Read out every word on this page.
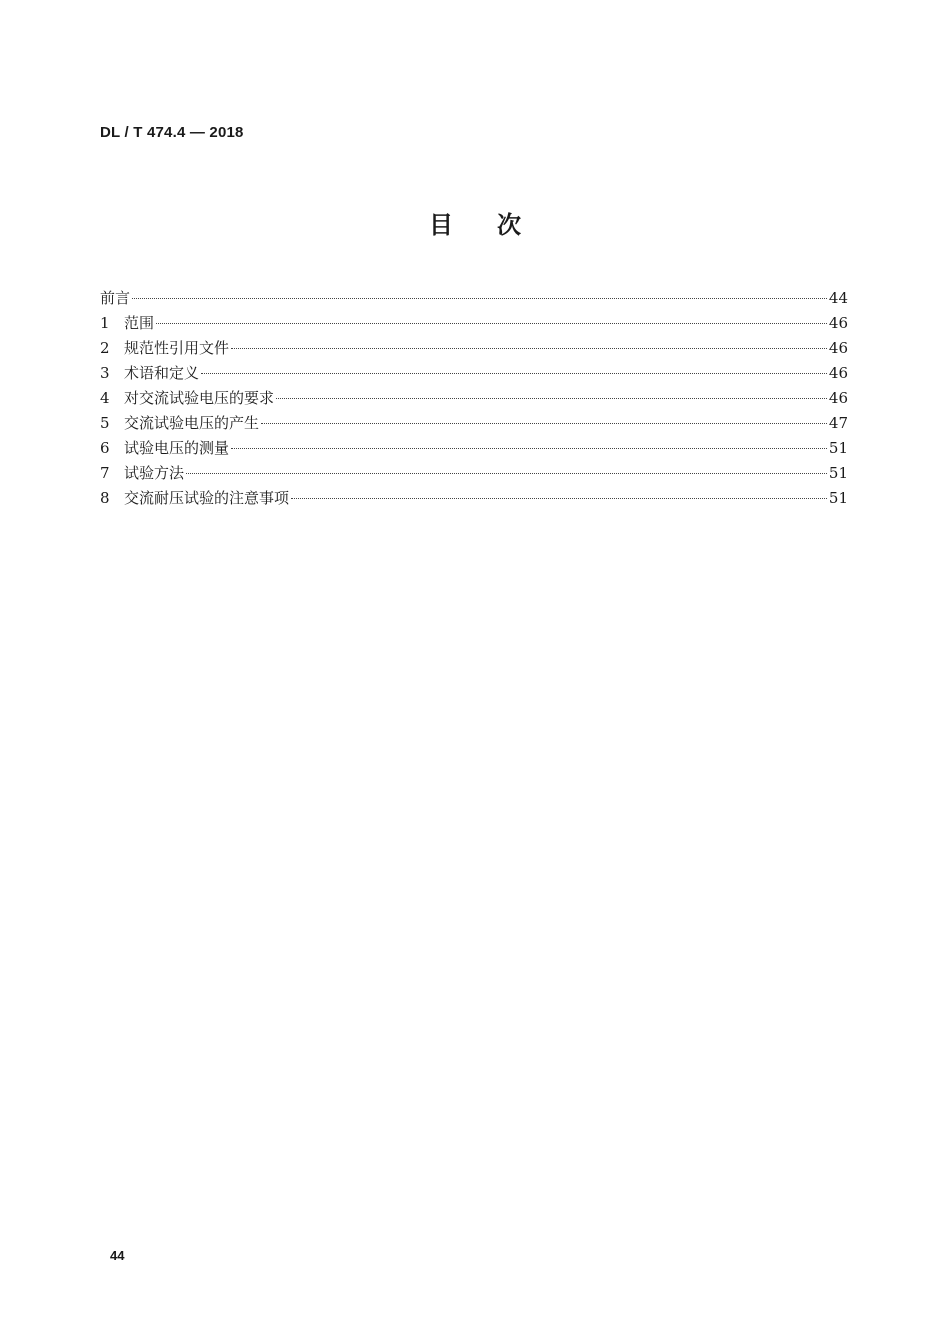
DL / T 474.4 — 2018
目次
前言	44
1 范围	46
2 规范性引用文件	46
3 术语和定义	46
4 对交流试验电压的要求	46
5 交流试验电压的产生	47
6 试验电压的测量	51
7 试验方法	51
8 交流耐压试验的注意事项	51
44
